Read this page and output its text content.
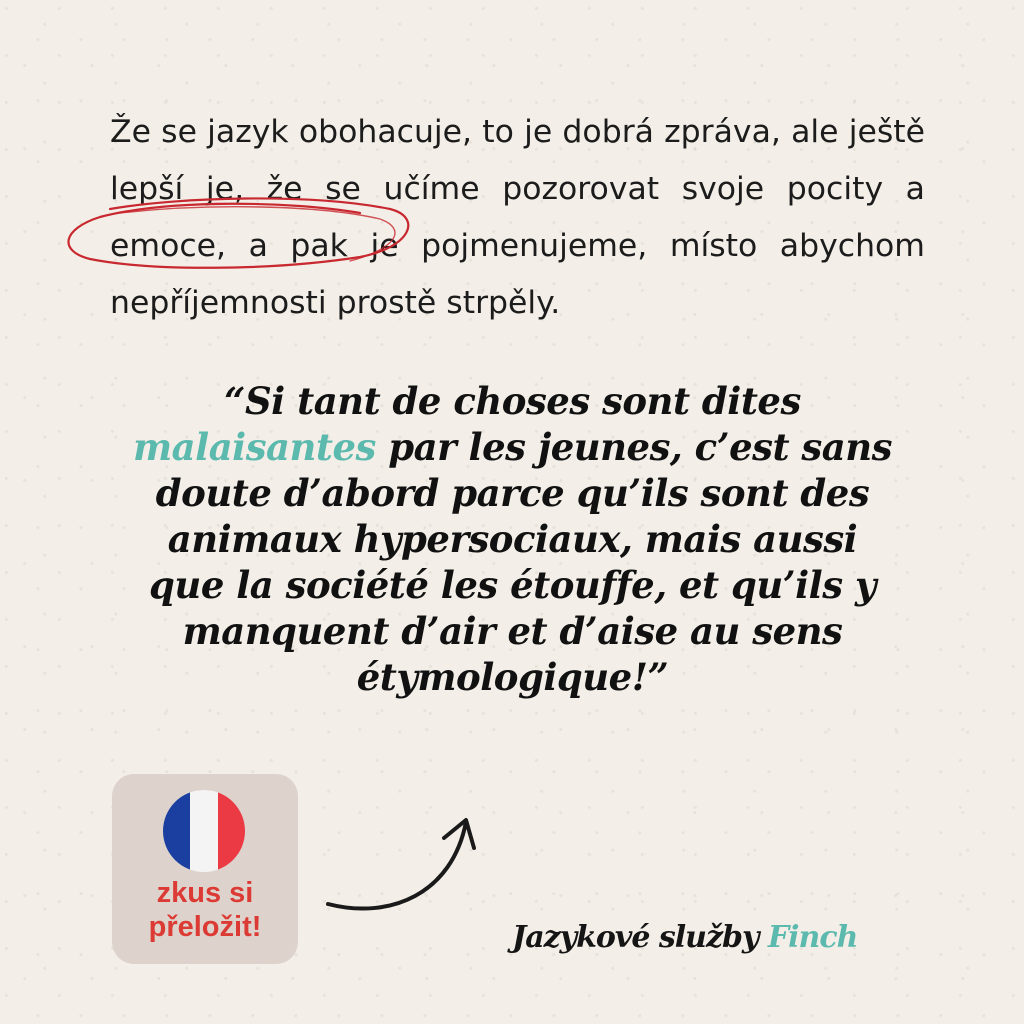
Že se jazyk obohacuje, to je dobrá zpráva, ale ještě lepší je, že se učíme pozorovat svoje pocity a emoce, a pak je pojmenujeme, místo abychom nepříjemnosti prostě strpěly.

“Si tant de choses sont dites malaisantes par les jeunes, c’est sans doute d’abord parce qu’ils sont des animaux hypersociaux, mais aussi que la société les étouffe, et qu’ils y manquent d’air et d’aise au sens étymologique!”

zkus si přeložit!	Jazykové služby Finch
